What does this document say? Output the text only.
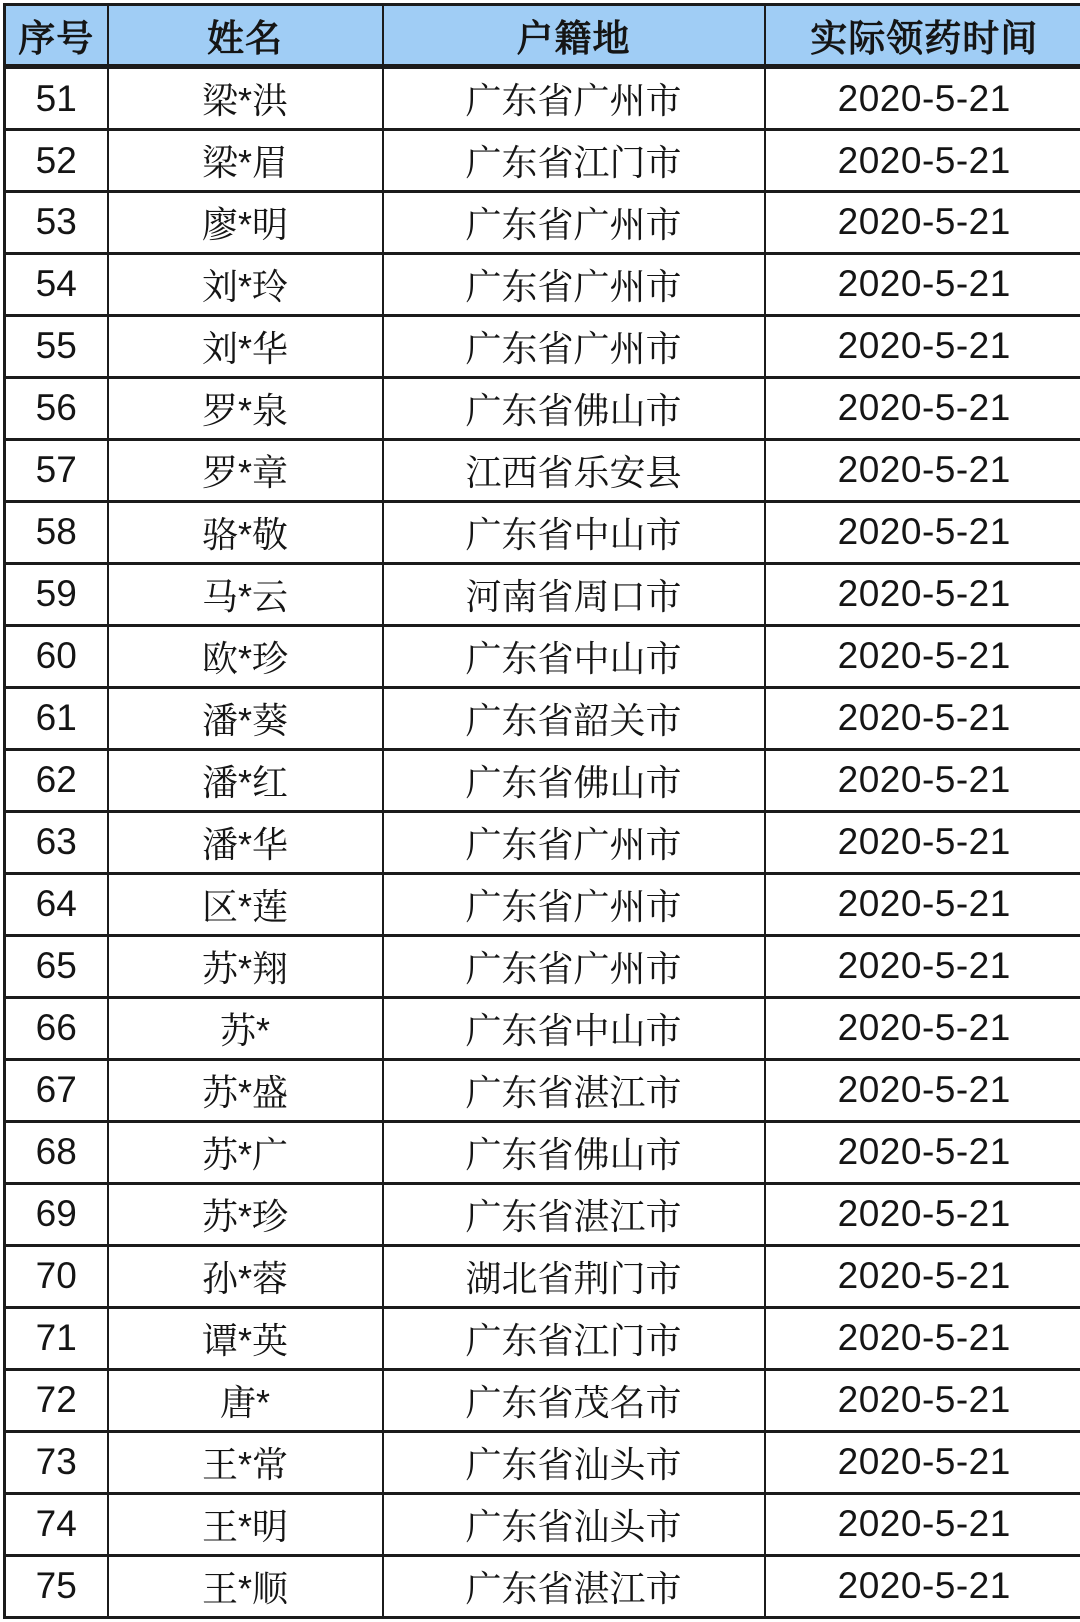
序号	姓名	户籍地	实际领药时间
51	梁*洪	广东省广州市	2020-5-21
52	梁*眉	广东省江门市	2020-5-21
53	廖*明	广东省广州市	2020-5-21
54	刘*玲	广东省广州市	2020-5-21
55	刘*华	广东省广州市	2020-5-21
56	罗*泉	广东省佛山市	2020-5-21
57	罗*章	江西省乐安县	2020-5-21
58	骆*敬	广东省中山市	2020-5-21
59	马*云	河南省周口市	2020-5-21
60	欧*珍	广东省中山市	2020-5-21
61	潘*葵	广东省韶关市	2020-5-21
62	潘*红	广东省佛山市	2020-5-21
63	潘*华	广东省广州市	2020-5-21
64	区*莲	广东省广州市	2020-5-21
65	苏*翔	广东省广州市	2020-5-21
66	苏*	广东省中山市	2020-5-21
67	苏*盛	广东省湛江市	2020-5-21
68	苏*广	广东省佛山市	2020-5-21
69	苏*珍	广东省湛江市	2020-5-21
70	孙*蓉	湖北省荆门市	2020-5-21
71	谭*英	广东省江门市	2020-5-21
72	唐*	广东省茂名市	2020-5-21
73	王*常	广东省汕头市	2020-5-21
74	王*明	广东省汕头市	2020-5-21
75	王*顺	广东省湛江市	2020-5-21
